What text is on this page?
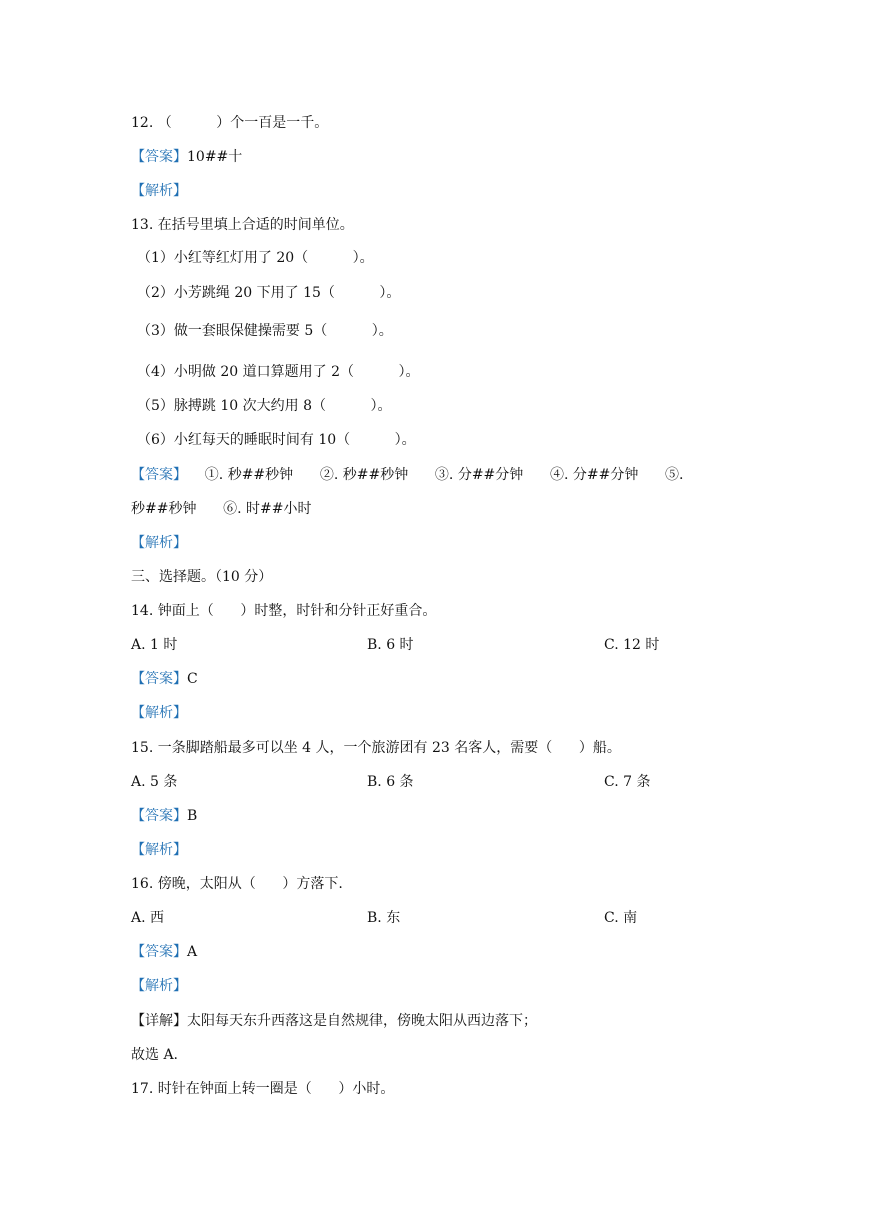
12. （          ）个一百是一千。
【答案】10##十
【解析】
13. 在括号里填上合适的时间单位。
（1）小红等红灯用了 20（          ）。
（2）小芳跳绳 20 下用了 15（          ）。
（3）做一套眼保健操需要 5（          ）。
（4）小明做 20 道口算题用了 2（          ）。
（5）脉搏跳 10 次大约用 8（          ）。
（6）小红每天的睡眠时间有 10（          ）。
【答案】    ①. 秒##秒钟      ②. 秒##秒钟      ③. 分##分钟      ④. 分##分钟      ⑤.
秒##秒钟      ⑥. 时##小时
【解析】
三、选择题。（10 分）
14. 钟面上（      ）时整，时针和分针正好重合。
A. 1 时	B. 6 时	C. 12 时
【答案】C
【解析】
15. 一条脚踏船最多可以坐 4 人，一个旅游团有 23 名客人，需要（      ）船。
A. 5 条	B. 6 条	C. 7 条
【答案】B
【解析】
16. 傍晚，太阳从（      ）方落下.
A. 西	B. 东	C. 南
【答案】A
【解析】
【详解】太阳每天东升西落这是自然规律，傍晚太阳从西边落下；
故选 A.
17. 时针在钟面上转一圈是（      ）小时。
